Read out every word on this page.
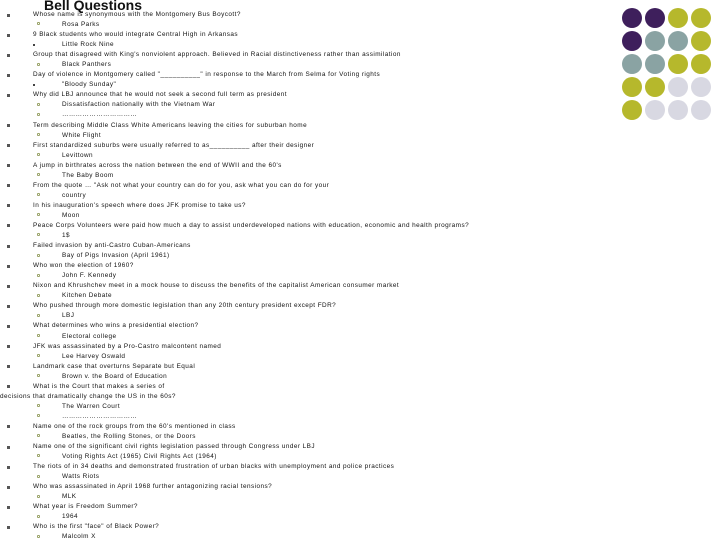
Bell Questions
Whose name is synonymous with the Montgomery Bus Boycott?
Rosa Parks
9 Black students who would integrate Central High in Arkansas
Little Rock Nine
Group that disagreed with King's nonviolent approach. Believed in Racial distinctiveness rather than assimilation
Black Panthers
Day of violence in Montgomery called "__________" in response to the March from Selma for Voting rights
"Bloody Sunday"
Why did LBJ announce that he would not seek a second full term as president
Dissatisfaction nationally with the Vietnam War
……………………………
Term describing Middle Class White Americans leaving the cities for suburban home
White Flight
First standardized suburbs were usually referred to as__________ after their designer
Levittown
A jump in birthrates across the nation between the end of WWII and the 60's
The Baby Boom
From the quote … "Ask not what your country can do for you, ask what you can do for your
country
In his inauguration's speech where does JFK promise to take us?
Moon
Peace Corps Volunteers were paid how much a day to assist underdeveloped nations with education, economic and health programs?
1$
Failed invasion by anti-Castro Cuban-Americans
Bay of Pigs Invasion (April 1961)
Who won the election of 1960?
John F. Kennedy
Nixon and Khrushchev meet in a mock house to discuss the benefits of the capitalist American consumer market
Kitchen Debate
Who pushed through more domestic legislation than any 20th century president except FDR?
LBJ
What determines who wins a presidential election?
Electoral college
JFK was assassinated by a Pro-Castro malcontent named
Lee Harvey Oswald
Landmark case that overturns Separate but Equal
Brown v. the Board of Education
What is the Court that makes a series of
decisions that dramatically change the US in the 60s?
The Warren Court
……………………………
Name one of the rock groups from the 60's mentioned in class
Beatles, the Rolling Stones, or the Doors
Name one of the significant civil rights legislation passed through Congress under LBJ
Voting Rights Act (1965) Civil Rights Act (1964)
The riots of in 34 deaths and demonstrated frustration of urban blacks with unemployment and police practices
Watts Riots
Who was assassinated in April 1968 further antagonizing racial tensions?
MLK
What year is Freedom Summer?
1964
Who is the first "face" of Black Power?
Malcolm X
